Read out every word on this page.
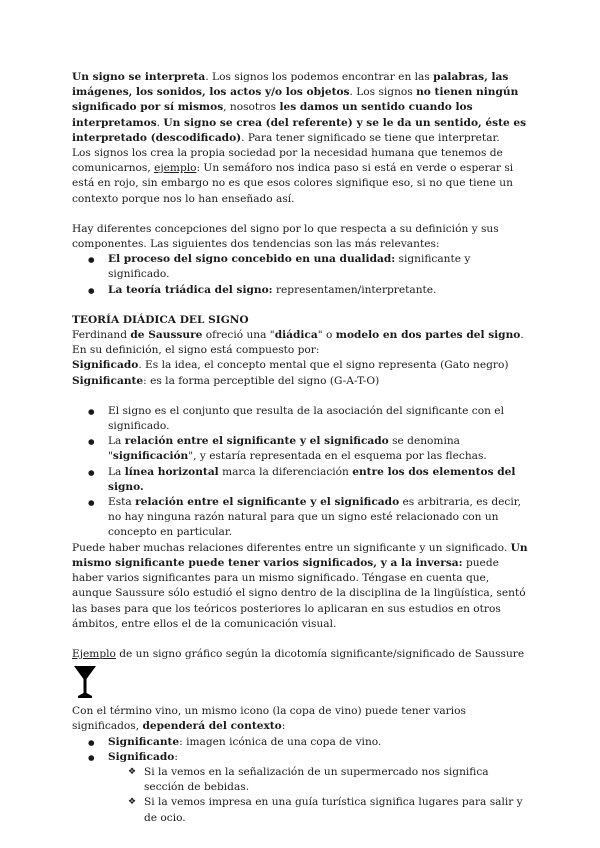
Un signo se interpreta. Los signos los podemos encontrar en las palabras, las imágenes, los sonidos, los actos y/o los objetos. Los signos no tienen ningún significado por sí mismos, nosotros les damos un sentido cuando los interpretamos. Un signo se crea (del referente) y se le da un sentido, éste es interpretado (descodificado). Para tener significado se tiene que interpretar.

Los signos los crea la propia sociedad por la necesidad humana que tenemos de comunicarnos, ejemplo: Un semáforo nos indica paso si está en verde o esperar si está en rojo, sin embargo no es que esos colores signifique eso, si no que tiene un contexto porque nos lo han enseñado así.

Hay diferentes concepciones del signo por lo que respecta a su definición y sus componentes. Las siguientes dos tendencias son las más relevantes:

● El proceso del signo concebido en una dualidad: significante y significado.
● La teoría triádica del signo: representamen/interpretante.

TEORÍA DIÁDICA DEL SIGNO

Ferdinand de Saussure ofreció una "diádica" o modelo en dos partes del signo.

En su definición, el signo está compuesto por:

Significado. Es la idea, el concepto mental que el signo representa (Gato negro)

Significante: es la forma perceptible del signo (G-A-T-O)

● El signo es el conjunto que resulta de la asociación del significante con el significado.
● La relación entre el significante y el significado se denomina "significación", y estaría representada en el esquema por las flechas.
● La línea horizontal marca la diferenciación entre los dos elementos del signo.
● Esta relación entre el significante y el significado es arbitraria, es decir, no hay ninguna razón natural para que un signo esté relacionado con un concepto en particular.

Puede haber muchas relaciones diferentes entre un significante y un significado. Un mismo significante puede tener varios significados, y a la inversa: puede haber varios significantes para un mismo significado. Téngase en cuenta que, aunque Saussure sólo estudió el signo dentro de la disciplina de la lingüística, sentó las bases para que los teóricos posteriores lo aplicaran en sus estudios en otros ámbitos, entre ellos el de la comunicación visual.

Ejemplo de un signo gráfico según la dicotomía significante/significado de Saussure

Con el término vino, un mismo icono (la copa de vino) puede tener varios significados, dependerá del contexto:

● Significante: imagen icónica de una copa de vino.
● Significado:
❖ Si la vemos en la señalización de un supermercado nos significa sección de bebidas.
❖ Si la vemos impresa en una guía turística significa lugares para salir y de ocio.
